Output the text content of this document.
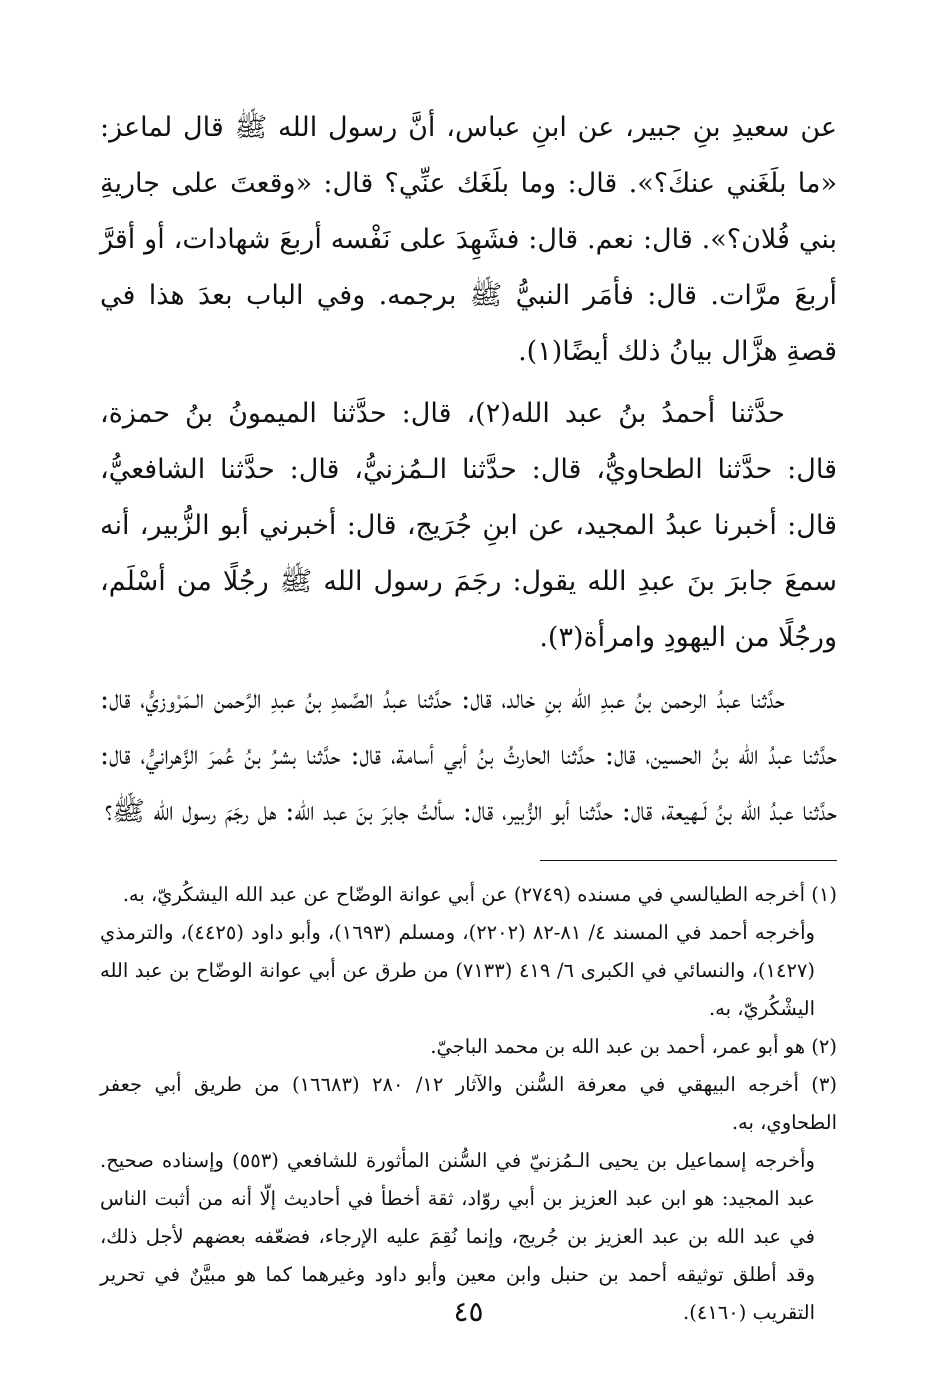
عن سعيدِ بنِ جبير، عن ابنِ عباس، أنَّ رسول الله ﷺ قال لماعز: «ما بلَغَني عنكَ؟». قال: وما بلَغَك عنِّي؟ قال: «وقعتَ على جاريةِ بني فُلان؟». قال: نعم. قال: فشَهِدَ على نَفْسه أربعَ شهادات، أو أقرَّ أربعَ مرَّات. قال: فأمَر النبيُّ ﷺ برجمه. وفي الباب بعدَ هذا في قصةِ هزَّال بيانُ ذلك أيضًا(١).

حدَّثنا أحمدُ بنُ عبد الله(٢)، قال: حدَّثنا الميمونُ بنُ حمزة، قال: حدَّثنا الطحاويُّ، قال: حدَّثنا الـمُزنيُّ، قال: حدَّثنا الشافعيُّ، قال: أخبرنا عبدُ المجيد، عن ابنِ جُرَيج، قال: أخبرني أبو الزُّبير، أنه سمعَ جابرَ بنَ عبدِ الله يقول: رجَمَ رسول الله ﷺ رجُلًا من أسْلَم، ورجُلًا من اليهودِ وامرأة(٣).

حدَّثنا عبدُ الرحمن بنُ عبدِ الله بنِ خالد، قال: حدَّثنا عبدُ الصَّمدِ بنُ عبدِ الرَّحمن الـمَرْوزيُّ، قال: حدَّثنا عبدُ الله بنُ الحسين، قال: حدَّثنا الحارثُ بنُ أبي أسامة، قال: حدَّثنا بشرُ بنُ عُمرَ الزَّهرانيُّ، قال: حدَّثنا عبدُ الله بنُ لَـهيعة، قال: حدَّثنا أبو الزُّبير، قال: سألتُ جابرَ بنَ عبد الله: هل رجَمَ رسول الله ﷺ؟

(١) أخرجه الطيالسي في مسنده (٢٧٤٩) عن أبي عوانة الوضّاح عن عبد الله اليشكُريّ، به.

وأخرجه أحمد في المسند ٤/ ٨١-٨٢ (٢٢٠٢)، ومسلم (١٦٩٣)، وأبو داود (٤٤٢٥)، والترمذي (١٤٢٧)، والنسائي في الكبرى ٦/ ٤١٩ (٧١٣٣) من طرق عن أبي عوانة الوضّاح بن عبد الله اليشْكُريّ، به.

(٢) هو أبو عمر، أحمد بن عبد الله بن محمد الباجيّ.

(٣) أخرجه البيهقي في معرفة السُّنن والآثار ١٢/ ٢٨٠ (١٦٦٨٣) من طريق أبي جعفر الطحاوي، به.

وأخرجه إسماعيل بن يحيى الـمُزنيّ في السُّنن المأثورة للشافعي (٥٥٣) وإسناده صحيح. عبد المجيد: هو ابن عبد العزيز بن أبي روّاد، ثقة أخطأ في أحاديث إلّا أنه من أثبت الناس في عبد الله بن عبد العزيز بن جُريج، وإنما نُقِمَ عليه الإرجاء، فضعّفه بعضهم لأجل ذلك، وقد أطلق توثيقه أحمد بن حنبل وابن معين وأبو داود وغيرهما كما هو مبيَّنٌ في تحرير التقريب (٤١٦٠).

٤٥
